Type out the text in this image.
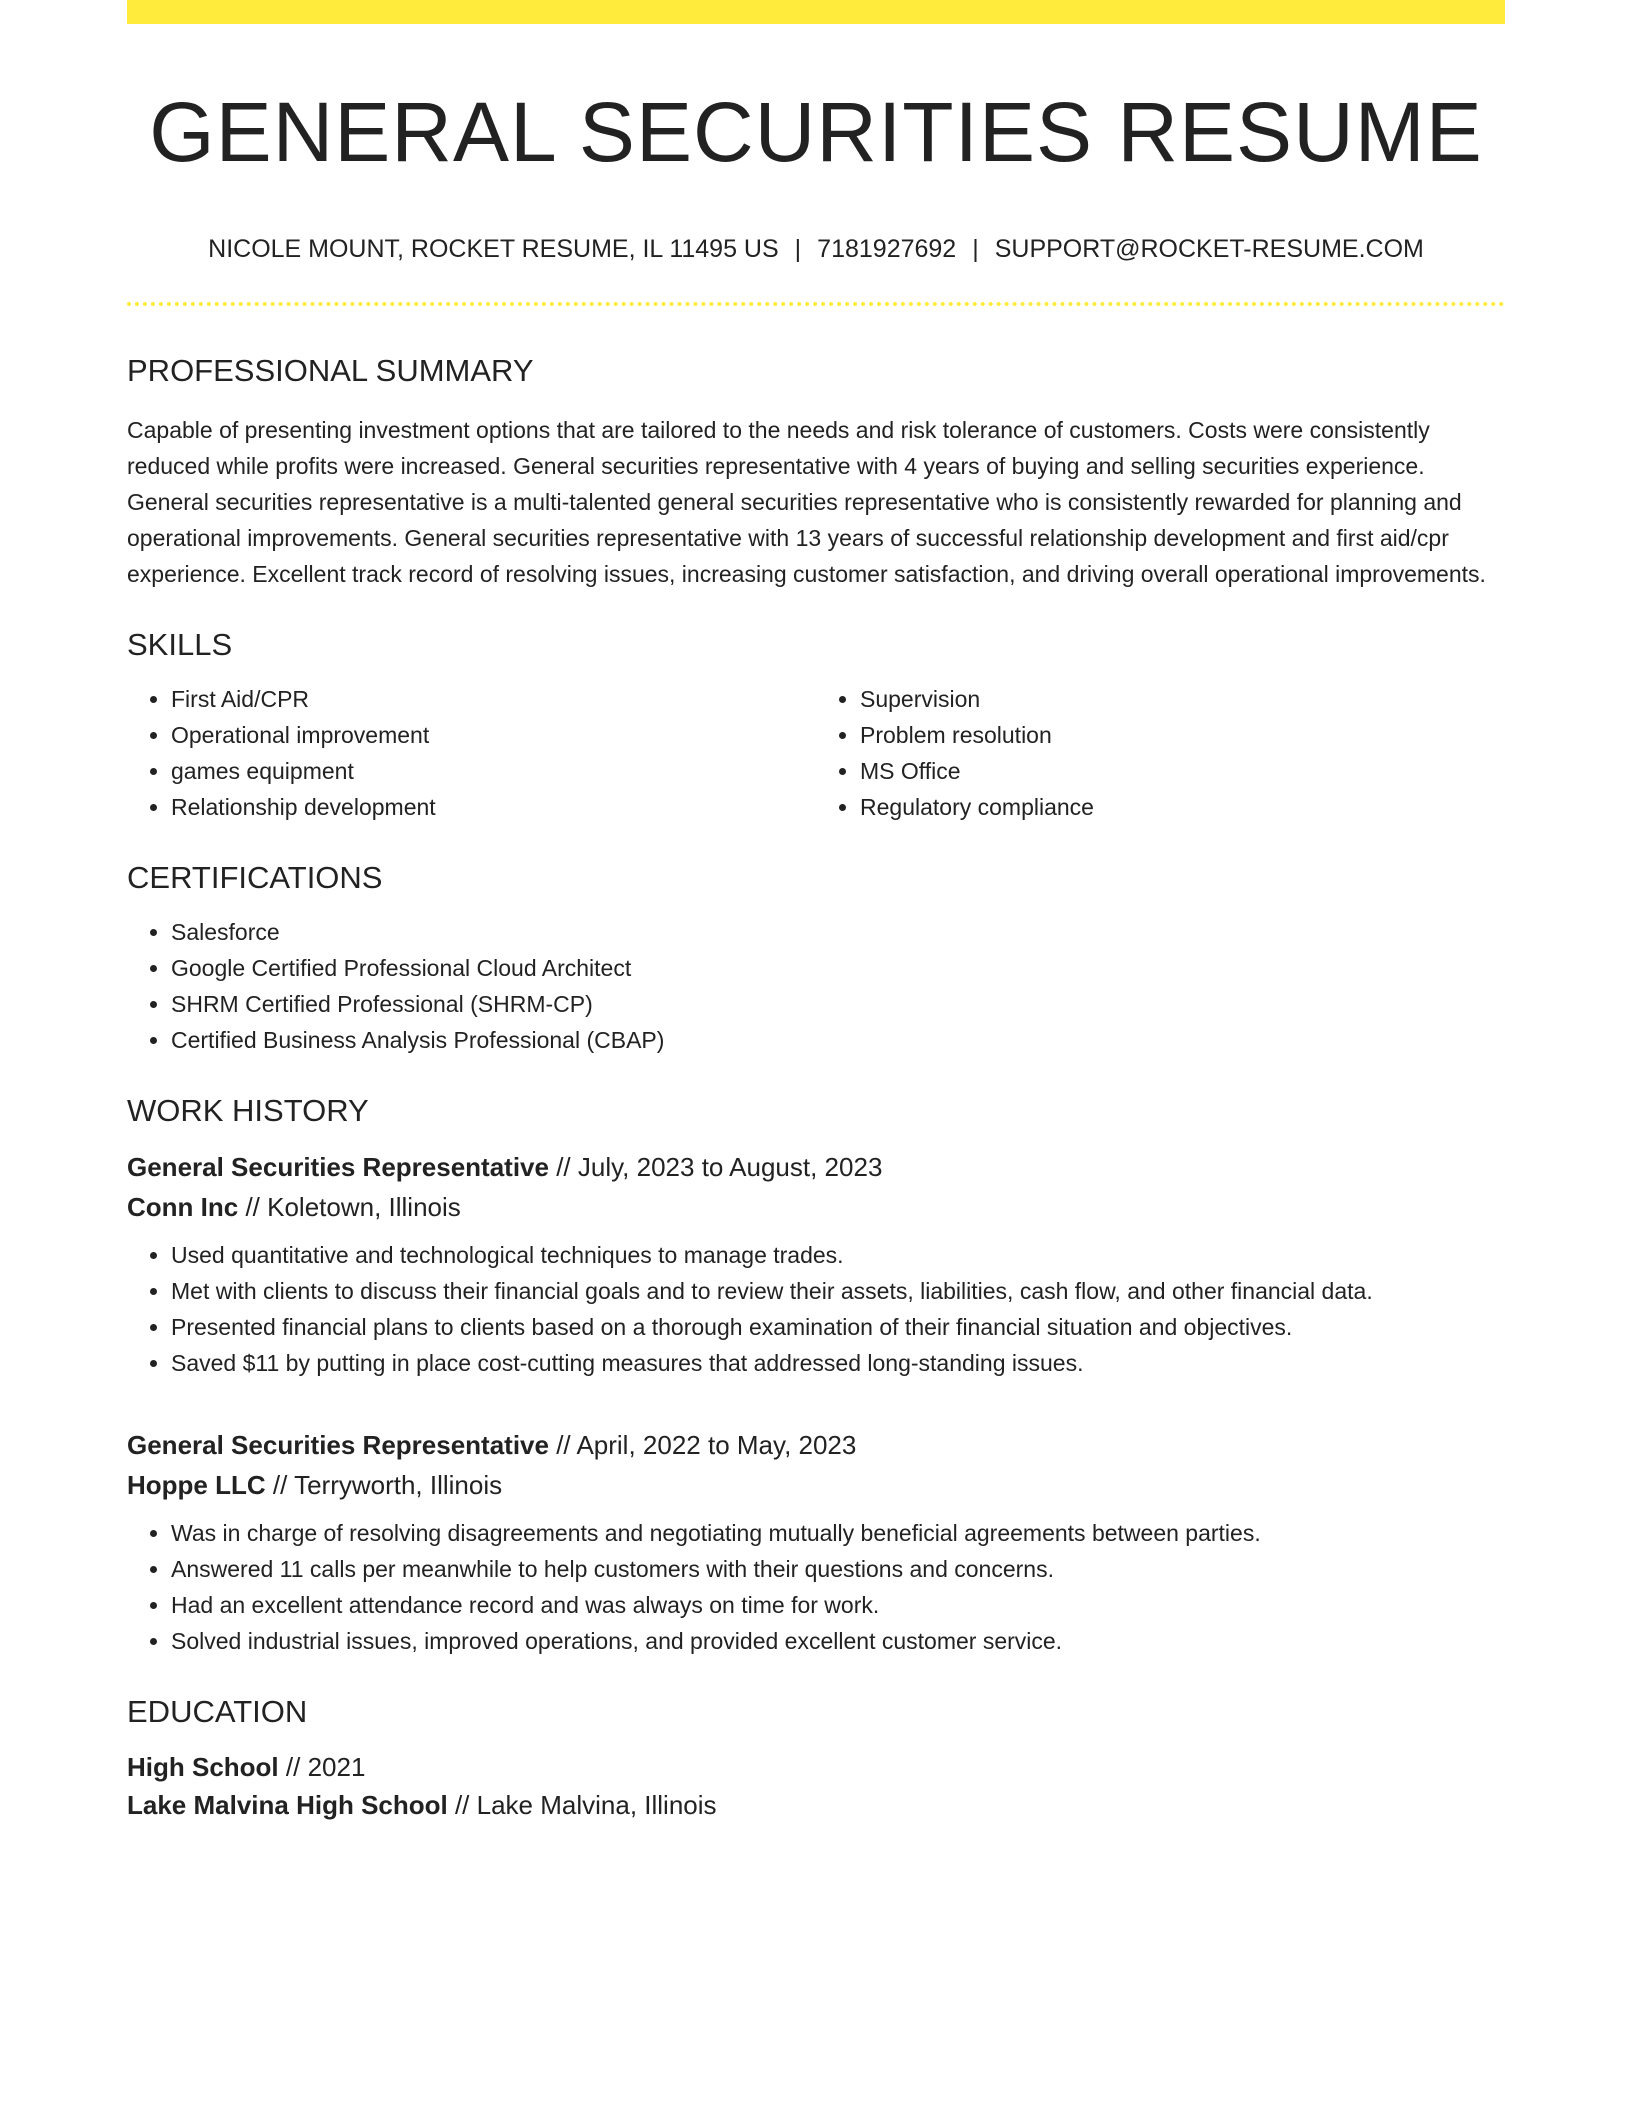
GENERAL SECURITIES RESUME
NICOLE MOUNT, ROCKET RESUME, IL 11495 US | 7181927692 | SUPPORT@ROCKET-RESUME.COM
PROFESSIONAL SUMMARY

Capable of presenting investment options that are tailored to the needs and risk tolerance of customers. Costs were consistently reduced while profits were increased. General securities representative with 4 years of buying and selling securities experience. General securities representative is a multi-talented general securities representative who is consistently rewarded for planning and operational improvements. General securities representative with 13 years of successful relationship development and first aid/cpr experience. Excellent track record of resolving issues, increasing customer satisfaction, and driving overall operational improvements.

SKILLS
• First Aid/CPR
• Operational improvement
• games equipment
• Relationship development
• Supervision
• Problem resolution
• MS Office
• Regulatory compliance
CERTIFICATIONS
• Salesforce
• Google Certified Professional Cloud Architect
• SHRM Certified Professional (SHRM-CP)
• Certified Business Analysis Professional (CBAP)
WORK HISTORY
General Securities Representative // July, 2023 to August, 2023
Conn Inc // Koletown, Illinois
• Used quantitative and technological techniques to manage trades.
• Met with clients to discuss their financial goals and to review their assets, liabilities, cash flow, and other financial data.
• Presented financial plans to clients based on a thorough examination of their financial situation and objectives.
• Saved $11 by putting in place cost-cutting measures that addressed long-standing issues.
General Securities Representative // April, 2022 to May, 2023
Hoppe LLC // Terryworth, Illinois
• Was in charge of resolving disagreements and negotiating mutually beneficial agreements between parties.
• Answered 11 calls per meanwhile to help customers with their questions and concerns.
• Had an excellent attendance record and was always on time for work.
• Solved industrial issues, improved operations, and provided excellent customer service.
EDUCATION
High School // 2021
Lake Malvina High School // Lake Malvina, Illinois
